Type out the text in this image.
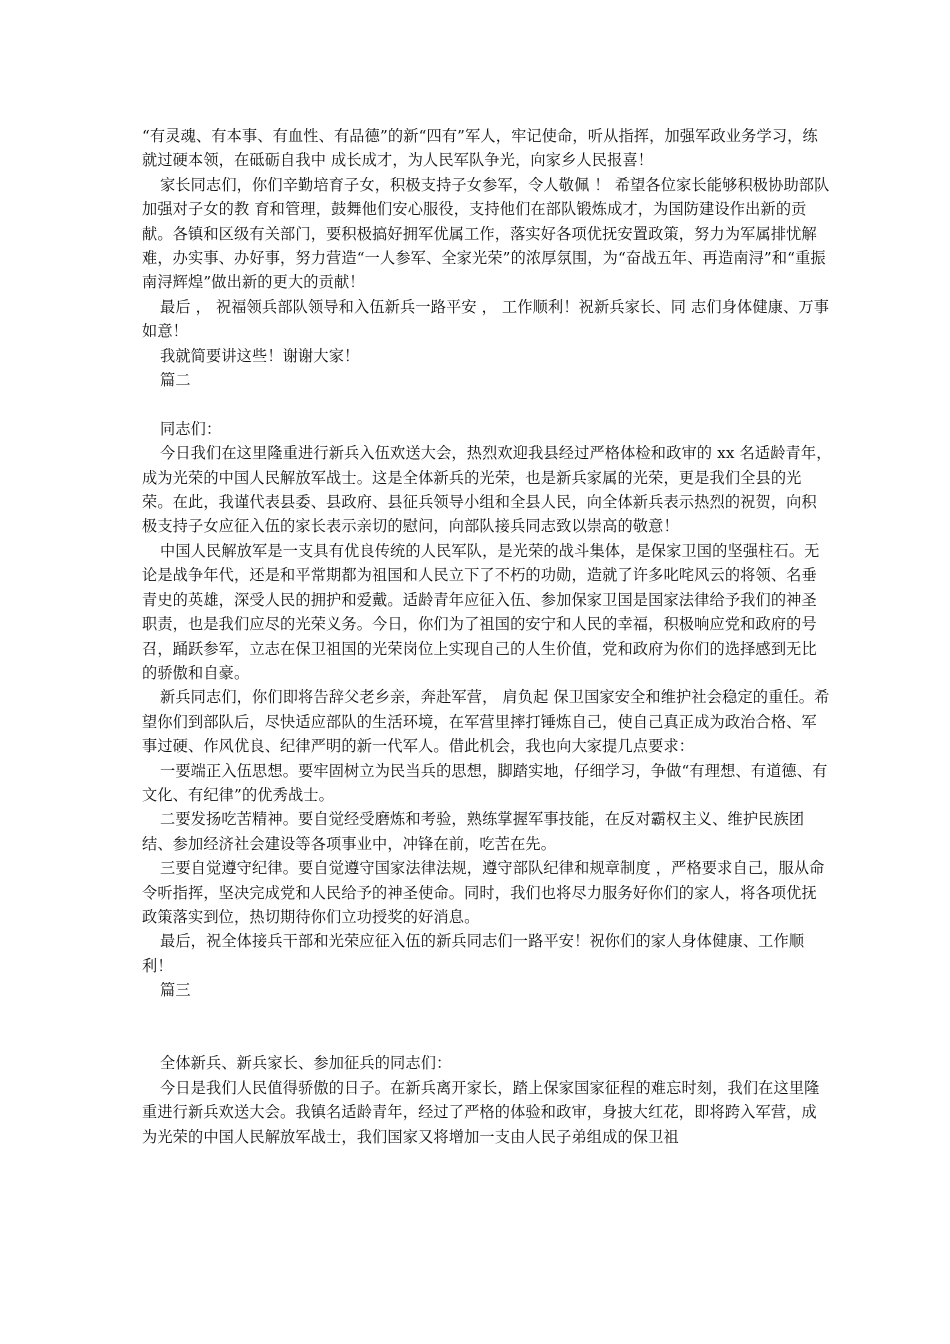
“有灵魂、有本事、有血性、有品德”的新“四有”军人，牢记使命，听从指挥，加强军政业务学习，练就过硬本领，在砥砺自我中 成长成才，为人民军队争光，向家乡人民报喜！

家长同志们，你们辛勤培育子女，积极支持子女参军，令人敬佩 ！ 希望各位家长能够积极协助部队加强对子女的教 育和管理，鼓舞他们安心服役，支持他们在部队锻炼成才，为国防建设作出新的贡献。各镇和区级有关部门，要积极搞好拥军优属工作，落实好各项优抚安置政策，努力为军属排忧解难，办实事、办好事，努力营造“一人参军、全家光荣”的浓厚氛围，为“奋战五年、再造南浔”和“重振南浔辉煌”做出新的更大的贡献！

最后 ， 祝福领兵部队领导和入伍新兵一路平安 ， 工作顺利！祝新兵家长、同 志们身体健康、万事如意！

我就简要讲这些！谢谢大家！

篇二

同志们：

今日我们在这里隆重进行新兵入伍欢送大会，热烈欢迎我县经过严格体检和政审的 xx 名适龄青年，成为光荣的中国人民解放军战士。这是全体新兵的光荣，也是新兵家属的光荣，更是我们全县的光荣。在此，我谨代表县委、县政府、县征兵领导小组和全县人民，向全体新兵表示热烈的祝贺，向积极支持子女应征入伍的家长表示亲切的慰问，向部队接兵同志致以崇高的敬意！

中国人民解放军是一支具有优良传统的人民军队，是光荣的战斗集体，是保家卫国的坚强柱石。无论是战争年代，还是和平常期都为祖国和人民立下了不朽的功勋，造就了许多叱咤风云的将领、名垂青史的英雄，深受人民的拥护和爱戴。适龄青年应征入伍、参加保家卫国是国家法律给予我们的神圣职责，也是我们应尽的光荣义务。今日，你们为了祖国的安宁和人民的幸福，积极响应党和政府的号召，踊跃参军，立志在保卫祖国的光荣岗位上实现自己的人生价值，党和政府为你们的选择感到无比的骄傲和自豪。

新兵同志们，你们即将告辞父老乡亲，奔赴军营， 肩负起 保卫国家安全和维护社会稳定的重任。希望你们到部队后，尽快适应部队的生活环境，在军营里摔打锤炼自己，使自己真正成为政治合格、军事过硬、作风优良、纪律严明的新一代军人。借此机会，我也向大家提几点要求：

一要端正入伍思想。要牢固树立为民当兵的思想，脚踏实地，仔细学习，争做“有理想、有道德、有文化、有纪律”的优秀战士。

二要发扬吃苦精神。要自觉经受磨炼和考验，熟练掌握军事技能，在反对霸权主义、维护民族团结、参加经济社会建设等各项事业中，冲锋在前，吃苦在先。

三要自觉遵守纪律。要自觉遵守国家法律法规，遵守部队纪律和规章制度 ，严格要求自己，服从命令听指挥，坚决完成党和人民给予的神圣使命。同时，我们也将尽力服务好你们的家人，将各项优抚政策落实到位，热切期待你们立功授奖的好消息。

最后，祝全体接兵干部和光荣应征入伍的新兵同志们一路平安！祝你们的家人身体健康、工作顺利！

篇三

全体新兵、新兵家长、参加征兵的同志们：

今日是我们人民值得骄傲的日子。在新兵离开家长，踏上保家国家征程的难忘时刻，我们在这里隆重进行新兵欢送大会。我镇名适龄青年，经过了严格的体验和政审，身披大红花，即将跨入军营，成为光荣的中国人民解放军战士，我们国家又将增加一支由人民子弟组成的保卫祖
